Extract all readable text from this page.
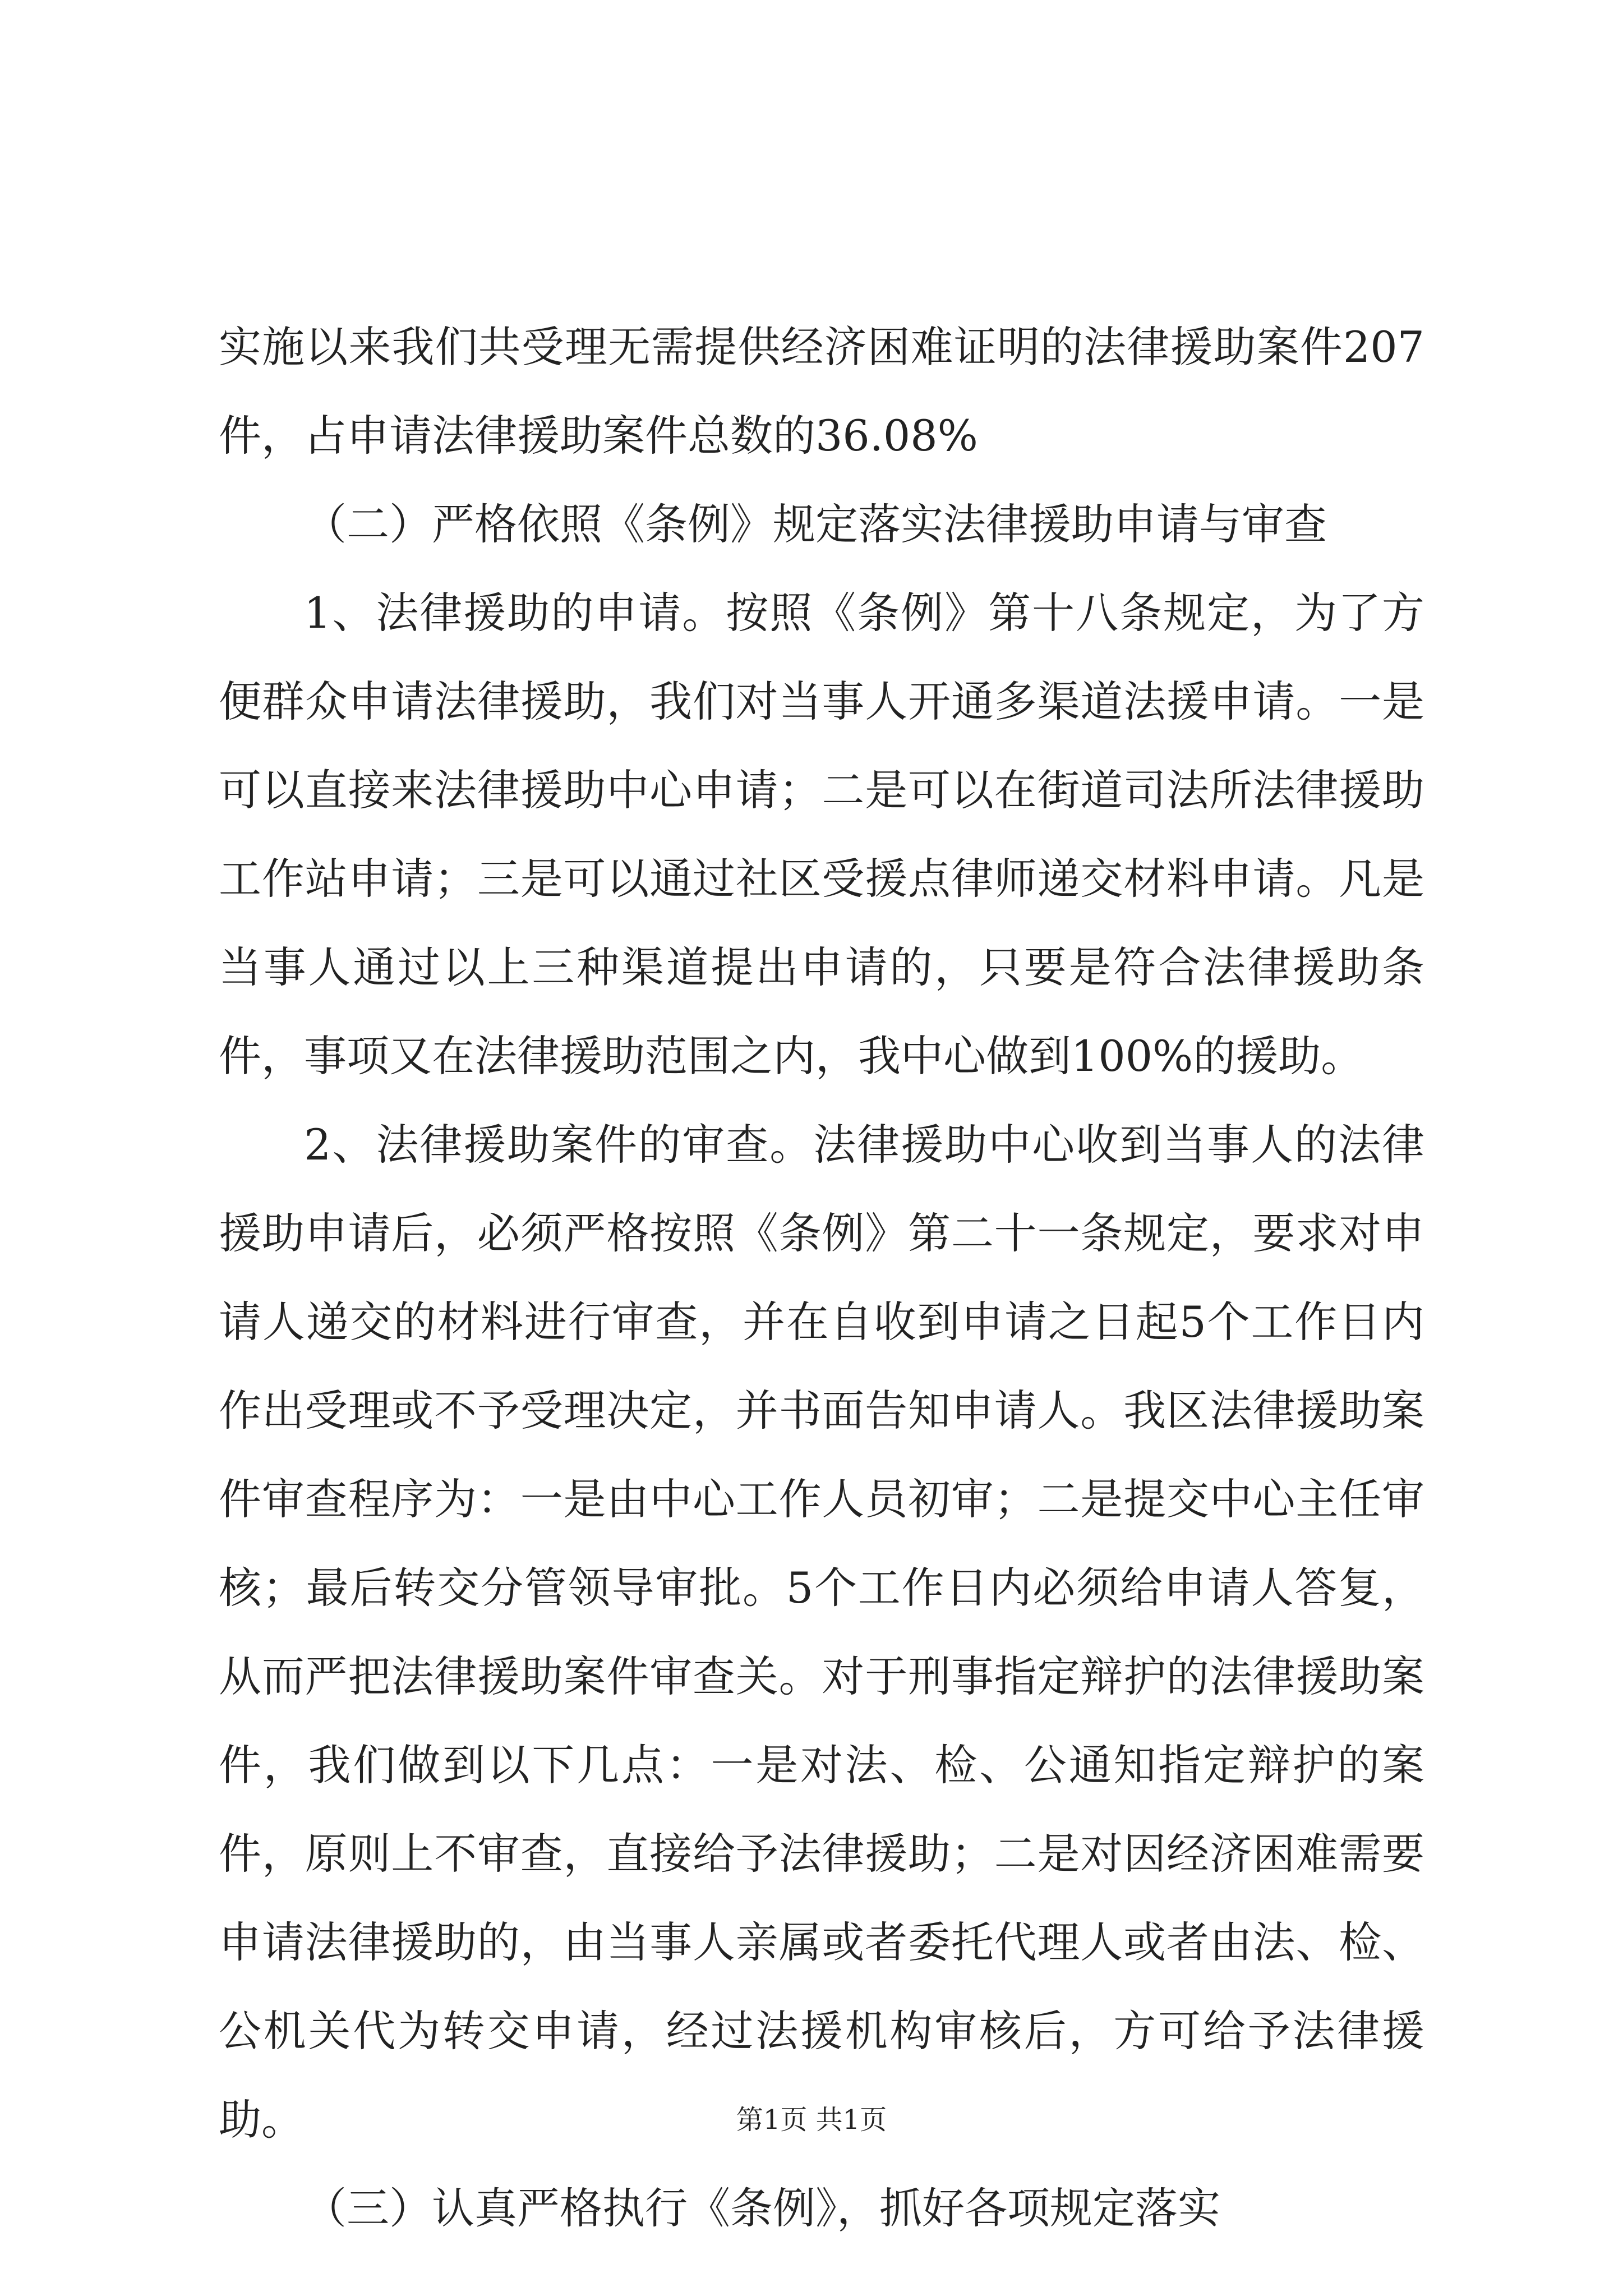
实施以来我们共受理无需提供经济困难证明的法律援助案件207件，占申请法律援助案件总数的36.08%

（二）严格依照《条例》规定落实法律援助申请与审查

1、法律援助的申请。按照《条例》第十八条规定，为了方便群众申请法律援助，我们对当事人开通多渠道法援申请。一是可以直接来法律援助中心申请；二是可以在街道司法所法律援助工作站申请；三是可以通过社区受援点律师递交材料申请。凡是当事人通过以上三种渠道提出申请的，只要是符合法律援助条件，事项又在法律援助范围之内，我中心做到100%的援助。

2、法律援助案件的审查。法律援助中心收到当事人的法律援助申请后，必须严格按照《条例》第二十一条规定，要求对申请人递交的材料进行审查，并在自收到申请之日起5个工作日内作出受理或不予受理决定，并书面告知申请人。我区法律援助案件审查程序为：一是由中心工作人员初审；二是提交中心主任审核；最后转交分管领导审批。5个工作日内必须给申请人答复，从而严把法律援助案件审查关。对于刑事指定辩护的法律援助案件，我们做到以下几点：一是对法、检、公通知指定辩护的案件，原则上不审查，直接给予法律援助；二是对因经济困难需要申请法律援助的，由当事人亲属或者委托代理人或者由法、检、公机关代为转交申请，经过法援机构审核后，方可给予法律援助。

（三）认真严格执行《条例》，抓好各项规定落实

第1页 共1页
